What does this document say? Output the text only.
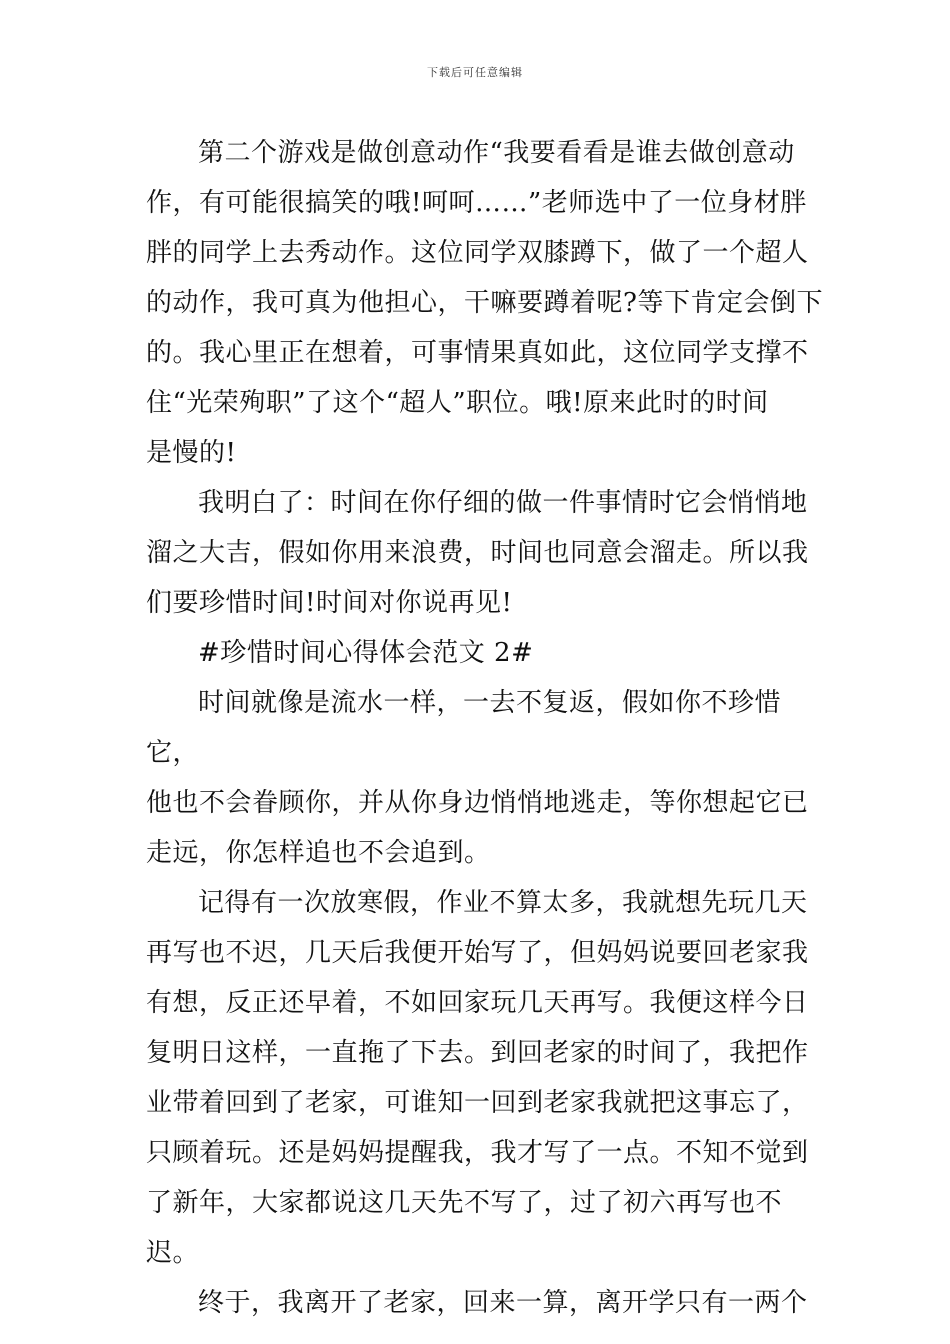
下载后可任意编辑

第二个游戏是做创意动作“我要看看是谁去做创意动
作，有可能很搞笑的哦!呵呵……”老师选中了一位身材胖
胖的同学上去秀动作。这位同学双膝蹲下，做了一个超人
的动作，我可真为他担心，干嘛要蹲着呢?等下肯定会倒下
的。我心里正在想着，可事情果真如此，这位同学支撑不
住“光荣殉职”了这个“超人”职位。哦!原来此时的时间
是慢的!

我明白了：时间在你仔细的做一件事情时它会悄悄地
溜之大吉，假如你用来浪费，时间也同意会溜走。所以我
们要珍惜时间!时间对你说再见!

#珍惜时间心得体会范文 2#

时间就像是流水一样，一去不复返，假如你不珍惜它，
他也不会眷顾你，并从你身边悄悄地逃走，等你想起它已
走远，你怎样追也不会追到。

记得有一次放寒假，作业不算太多，我就想先玩几天
再写也不迟，几天后我便开始写了，但妈妈说要回老家我
有想，反正还早着，不如回家玩几天再写。我便这样今日
复明日这样，一直拖了下去。到回老家的时间了，我把作
业带着回到了老家，可谁知一回到老家我就把这事忘了，
只顾着玩。还是妈妈提醒我，我才写了一点。不知不觉到
了新年，大家都说这几天先不写了，过了初六再写也不迟。

终于，我离开了老家，回来一算，离开学只有一两个
